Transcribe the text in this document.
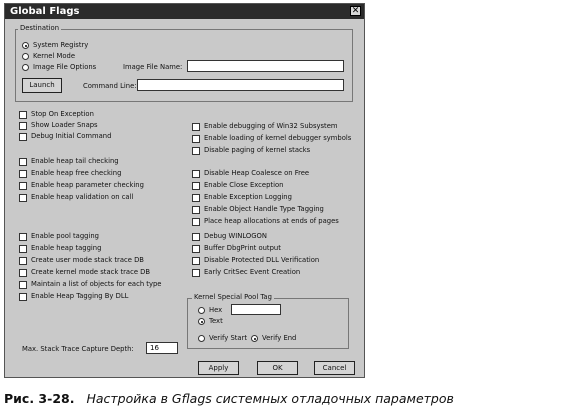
Global Flags	✕
Destination
System Registry
Kernel Mode
Image File Options	Image File Name:
Launch	Command Line:
Stop On Exception
Show Loader Snaps
Debug Initial Command
Enable heap tail checking
Enable heap free checking
Enable heap parameter checking
Enable heap validation on call
Enable pool tagging
Enable heap tagging
Create user mode stack trace DB
Create kernel mode stack trace DB
Maintain a list of objects for each type
Enable Heap Tagging By DLL
Enable debugging of Win32 Subsystem
Enable loading of kernel debugger symbols
Disable paging of kernel stacks
Disable Heap Coalesce on Free
Enable Close Exception
Enable Exception Logging
Enable Object Handle Type Tagging
Place heap allocations at ends of pages
Debug WINLOGON
Buffer DbgPrint output
Disable Protected DLL Verification
Early CritSec Event Creation
Kernel Special Pool Tag
Hex
Text
Verify Start Verify End
Max. Stack Trace Capture Depth:	16
Apply	OK	Cancel
Рис. 3-28. Настройка в Gflags системных отладочных параметров
